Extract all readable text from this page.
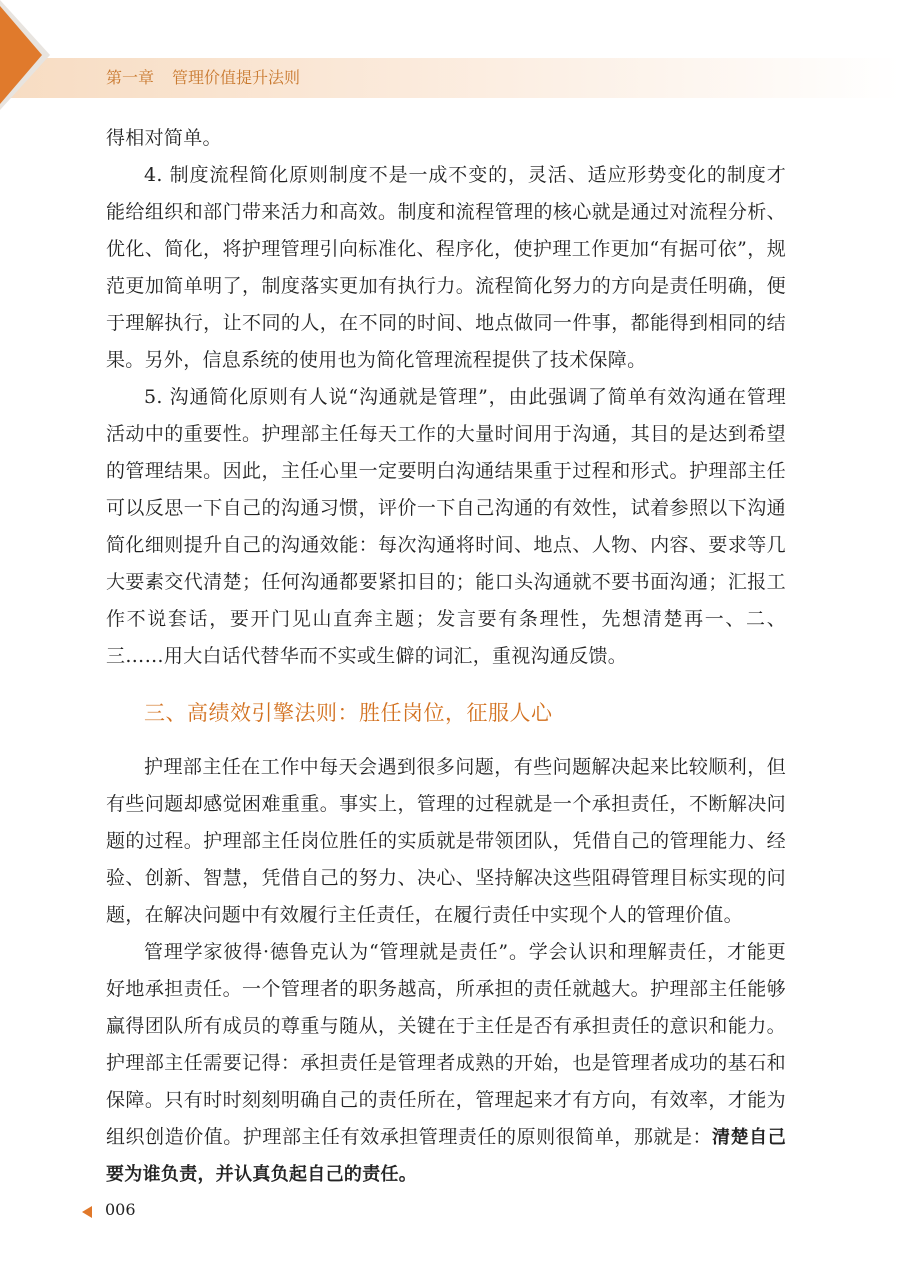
第一章 管理价值提升法则

得相对简单。

4. 制度流程简化原则制度不是一成不变的，灵活、适应形势变化的制度才能给组织和部门带来活力和高效。制度和流程管理的核心就是通过对流程分析、优化、简化，将护理管理引向标准化、程序化，使护理工作更加“有据可依”，规范更加简单明了，制度落实更加有执行力。流程简化努力的方向是责任明确，便于理解执行，让不同的人，在不同的时间、地点做同一件事，都能得到相同的结果。另外，信息系统的使用也为简化管理流程提供了技术保障。

5. 沟通简化原则有人说“沟通就是管理”，由此强调了简单有效沟通在管理活动中的重要性。护理部主任每天工作的大量时间用于沟通，其目的是达到希望的管理结果。因此，主任心里一定要明白沟通结果重于过程和形式。护理部主任可以反思一下自己的沟通习惯，评价一下自己沟通的有效性，试着参照以下沟通简化细则提升自己的沟通效能：每次沟通将时间、地点、人物、内容、要求等几大要素交代清楚；任何沟通都要紧扣目的；能口头沟通就不要书面沟通；汇报工作不说套话，要开门见山直奔主题；发言要有条理性，先想清楚再一、二、三……用大白话代替华而不实或生僻的词汇，重视沟通反馈。

三、高绩效引擎法则：胜任岗位，征服人心

护理部主任在工作中每天会遇到很多问题，有些问题解决起来比较顺利，但有些问题却感觉困难重重。事实上，管理的过程就是一个承担责任，不断解决问题的过程。护理部主任岗位胜任的实质就是带领团队，凭借自己的管理能力、经验、创新、智慧，凭借自己的努力、决心、坚持解决这些阻碍管理目标实现的问题，在解决问题中有效履行主任责任，在履行责任中实现个人的管理价值。

管理学家彼得·德鲁克认为“管理就是责任”。学会认识和理解责任，才能更好地承担责任。一个管理者的职务越高，所承担的责任就越大。护理部主任能够赢得团队所有成员的尊重与随从，关键在于主任是否有承担责任的意识和能力。护理部主任需要记得：承担责任是管理者成熟的开始，也是管理者成功的基石和保障。只有时时刻刻明确自己的责任所在，管理起来才有方向，有效率，才能为组织创造价值。护理部主任有效承担管理责任的原则很简单，那就是：清楚自己要为谁负责，并认真负起自己的责任。

006
